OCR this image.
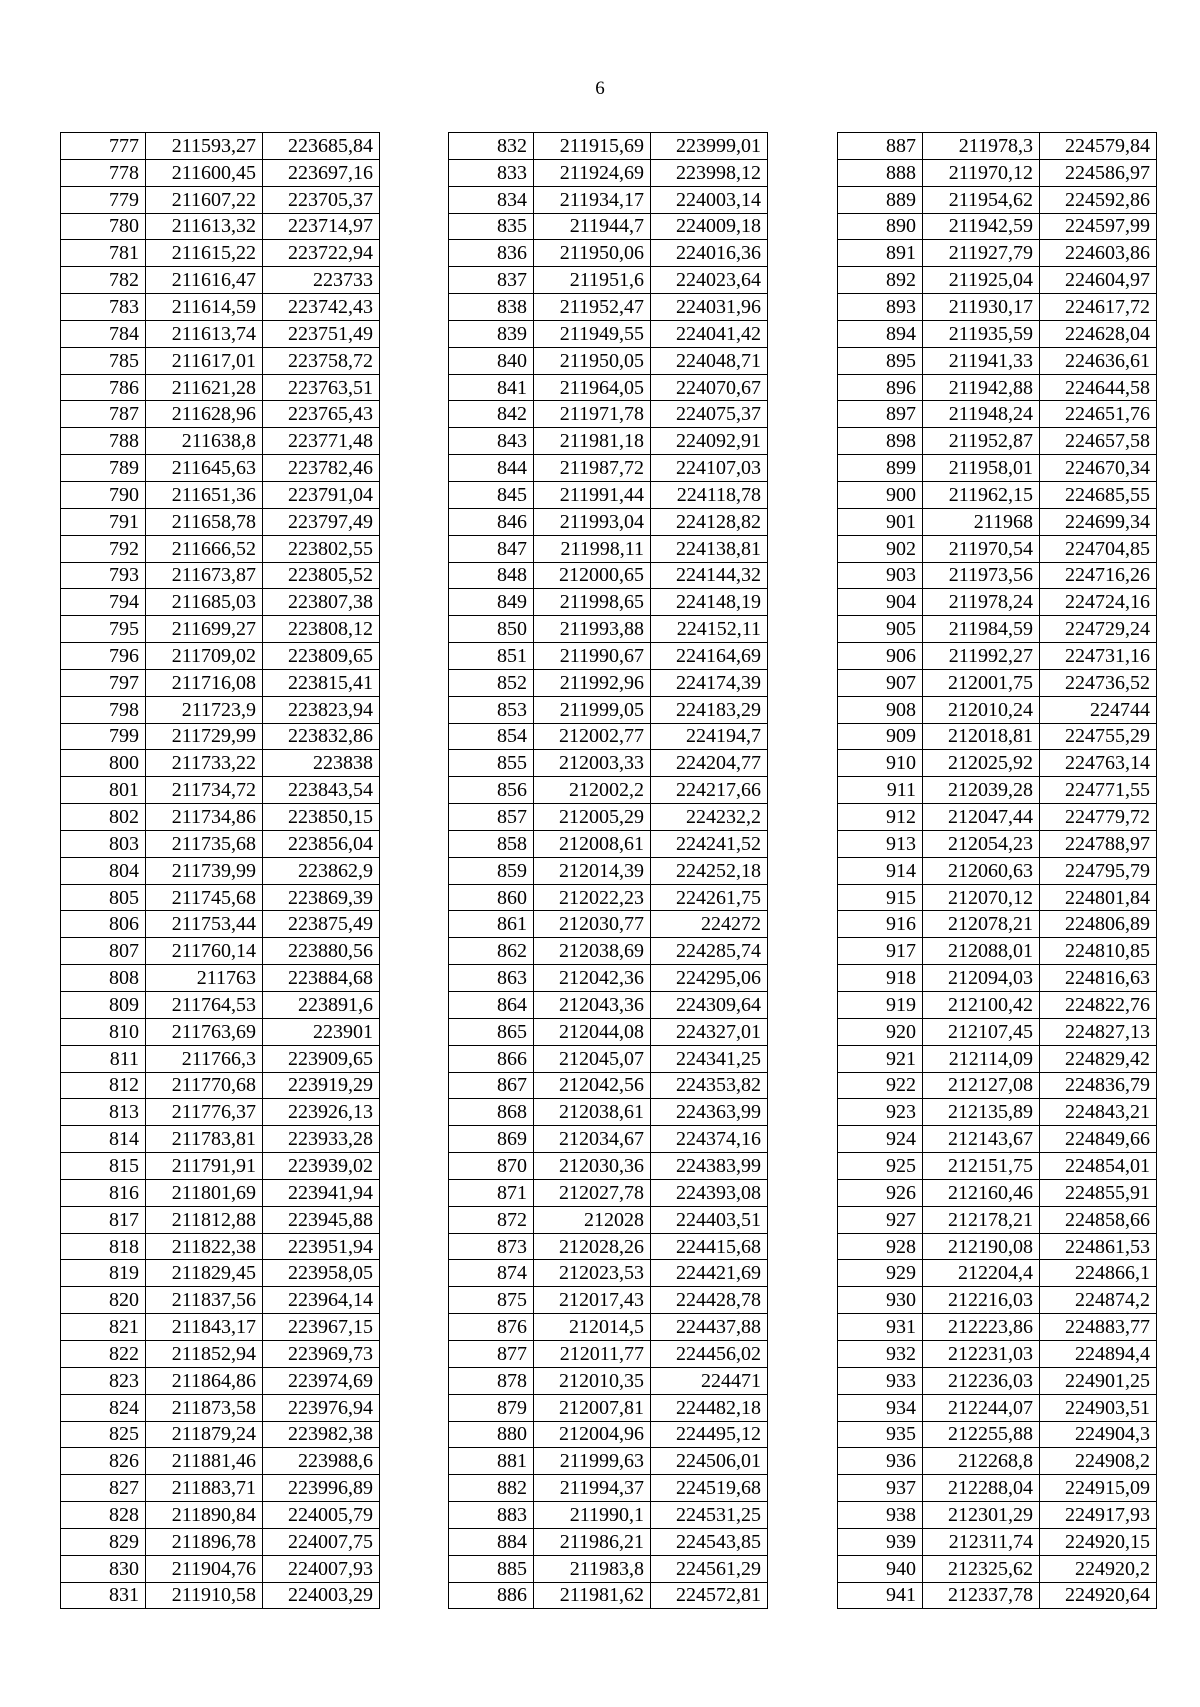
6
777	211593,27	223685,84
778	211600,45	223697,16
779	211607,22	223705,37
780	211613,32	223714,97
781	211615,22	223722,94
782	211616,47	223733
783	211614,59	223742,43
784	211613,74	223751,49
785	211617,01	223758,72
786	211621,28	223763,51
787	211628,96	223765,43
788	211638,8	223771,48
789	211645,63	223782,46
790	211651,36	223791,04
791	211658,78	223797,49
792	211666,52	223802,55
793	211673,87	223805,52
794	211685,03	223807,38
795	211699,27	223808,12
796	211709,02	223809,65
797	211716,08	223815,41
798	211723,9	223823,94
799	211729,99	223832,86
800	211733,22	223838
801	211734,72	223843,54
802	211734,86	223850,15
803	211735,68	223856,04
804	211739,99	223862,9
805	211745,68	223869,39
806	211753,44	223875,49
807	211760,14	223880,56
808	211763	223884,68
809	211764,53	223891,6
810	211763,69	223901
811	211766,3	223909,65
812	211770,68	223919,29
813	211776,37	223926,13
814	211783,81	223933,28
815	211791,91	223939,02
816	211801,69	223941,94
817	211812,88	223945,88
818	211822,38	223951,94
819	211829,45	223958,05
820	211837,56	223964,14
821	211843,17	223967,15
822	211852,94	223969,73
823	211864,86	223974,69
824	211873,58	223976,94
825	211879,24	223982,38
826	211881,46	223988,6
827	211883,71	223996,89
828	211890,84	224005,79
829	211896,78	224007,75
830	211904,76	224007,93
831	211910,58	224003,29
832	211915,69	223999,01
833	211924,69	223998,12
834	211934,17	224003,14
835	211944,7	224009,18
836	211950,06	224016,36
837	211951,6	224023,64
838	211952,47	224031,96
839	211949,55	224041,42
840	211950,05	224048,71
841	211964,05	224070,67
842	211971,78	224075,37
843	211981,18	224092,91
844	211987,72	224107,03
845	211991,44	224118,78
846	211993,04	224128,82
847	211998,11	224138,81
848	212000,65	224144,32
849	211998,65	224148,19
850	211993,88	224152,11
851	211990,67	224164,69
852	211992,96	224174,39
853	211999,05	224183,29
854	212002,77	224194,7
855	212003,33	224204,77
856	212002,2	224217,66
857	212005,29	224232,2
858	212008,61	224241,52
859	212014,39	224252,18
860	212022,23	224261,75
861	212030,77	224272
862	212038,69	224285,74
863	212042,36	224295,06
864	212043,36	224309,64
865	212044,08	224327,01
866	212045,07	224341,25
867	212042,56	224353,82
868	212038,61	224363,99
869	212034,67	224374,16
870	212030,36	224383,99
871	212027,78	224393,08
872	212028	224403,51
873	212028,26	224415,68
874	212023,53	224421,69
875	212017,43	224428,78
876	212014,5	224437,88
877	212011,77	224456,02
878	212010,35	224471
879	212007,81	224482,18
880	212004,96	224495,12
881	211999,63	224506,01
882	211994,37	224519,68
883	211990,1	224531,25
884	211986,21	224543,85
885	211983,8	224561,29
886	211981,62	224572,81
887	211978,3	224579,84
888	211970,12	224586,97
889	211954,62	224592,86
890	211942,59	224597,99
891	211927,79	224603,86
892	211925,04	224604,97
893	211930,17	224617,72
894	211935,59	224628,04
895	211941,33	224636,61
896	211942,88	224644,58
897	211948,24	224651,76
898	211952,87	224657,58
899	211958,01	224670,34
900	211962,15	224685,55
901	211968	224699,34
902	211970,54	224704,85
903	211973,56	224716,26
904	211978,24	224724,16
905	211984,59	224729,24
906	211992,27	224731,16
907	212001,75	224736,52
908	212010,24	224744
909	212018,81	224755,29
910	212025,92	224763,14
911	212039,28	224771,55
912	212047,44	224779,72
913	212054,23	224788,97
914	212060,63	224795,79
915	212070,12	224801,84
916	212078,21	224806,89
917	212088,01	224810,85
918	212094,03	224816,63
919	212100,42	224822,76
920	212107,45	224827,13
921	212114,09	224829,42
922	212127,08	224836,79
923	212135,89	224843,21
924	212143,67	224849,66
925	212151,75	224854,01
926	212160,46	224855,91
927	212178,21	224858,66
928	212190,08	224861,53
929	212204,4	224866,1
930	212216,03	224874,2
931	212223,86	224883,77
932	212231,03	224894,4
933	212236,03	224901,25
934	212244,07	224903,51
935	212255,88	224904,3
936	212268,8	224908,2
937	212288,04	224915,09
938	212301,29	224917,93
939	212311,74	224920,15
940	212325,62	224920,2
941	212337,78	224920,64
